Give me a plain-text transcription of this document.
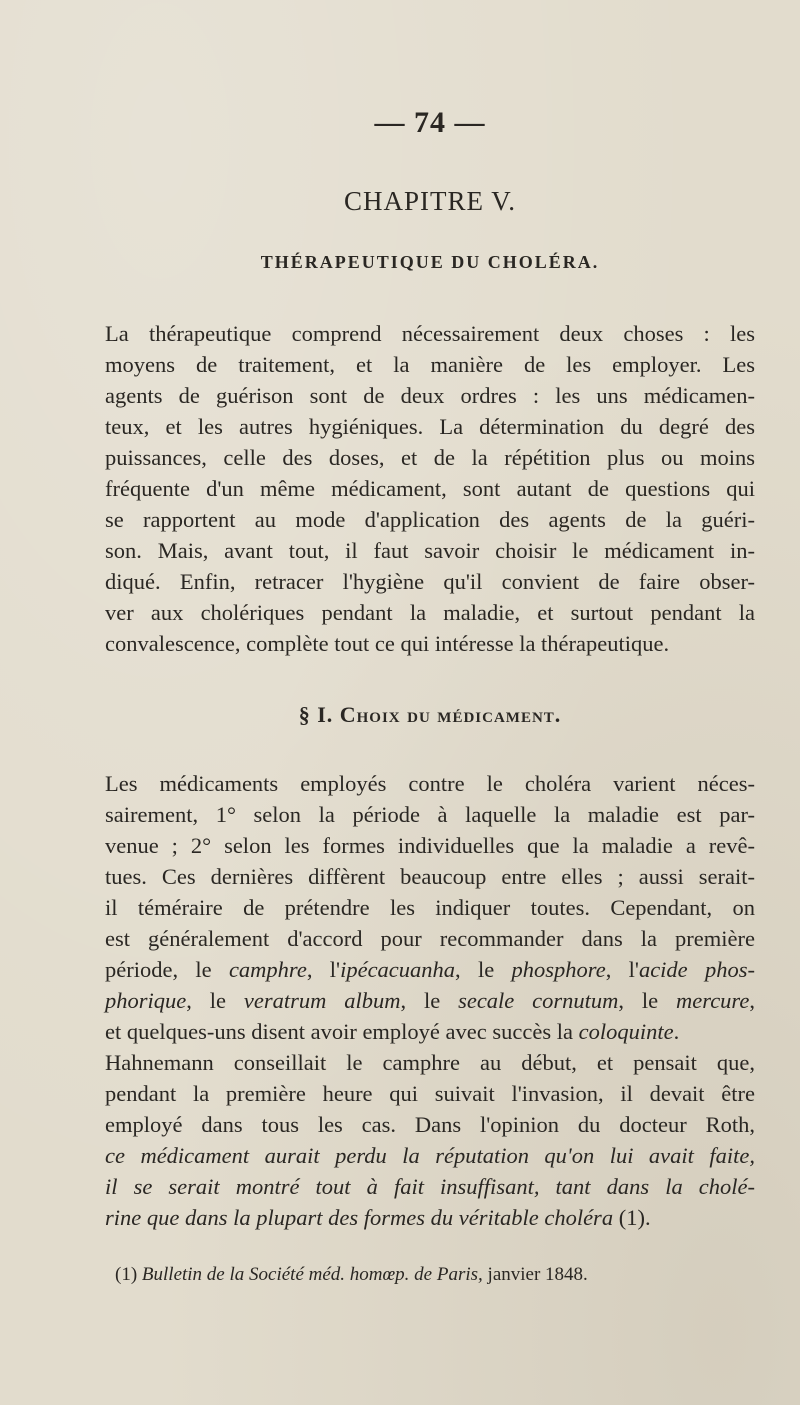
— 74 —
CHAPITRE V.
THÉRAPEUTIQUE DU CHOLÉRA.

La thérapeutique comprend nécessairement deux choses : les
moyens de traitement, et la manière de les employer. Les
agents de guérison sont de deux ordres : les uns médicamen-
teux, et les autres hygiéniques. La détermination du degré des
puissances, celle des doses, et de la répétition plus ou moins
fréquente d'un même médicament, sont autant de questions qui
se rapportent au mode d'application des agents de la guéri-
son. Mais, avant tout, il faut savoir choisir le médicament in-
diqué. Enfin, retracer l'hygiène qu'il convient de faire obser-
ver aux cholériques pendant la maladie, et surtout pendant la
convalescence, complète tout ce qui intéresse la thérapeutique.

§ I. Choix du médicament.

Les médicaments employés contre le choléra varient néces-
sairement, 1° selon la période à laquelle la maladie est par-
venue ; 2° selon les formes individuelles que la maladie a revê-
tues. Ces dernières diffèrent beaucoup entre elles ; aussi serait-
il téméraire de prétendre les indiquer toutes. Cependant, on
est généralement d'accord pour recommander dans la première
période, le camphre, l'ipécacuanha, le phosphore, l'acide phos-
phorique, le veratrum album, le secale cornutum, le mercure,
et quelques-uns disent avoir employé avec succès la coloquinte.

Hahnemann conseillait le camphre au début, et pensait que,
pendant la première heure qui suivait l'invasion, il devait être
employé dans tous les cas. Dans l'opinion du docteur Roth,
ce médicament aurait perdu la réputation qu'on lui avait faite,
il se serait montré tout à fait insuffisant, tant dans la cholé-
rine que dans la plupart des formes du véritable choléra (1).

(1) Bulletin de la Société méd. homœp. de Paris, janvier 1848.
